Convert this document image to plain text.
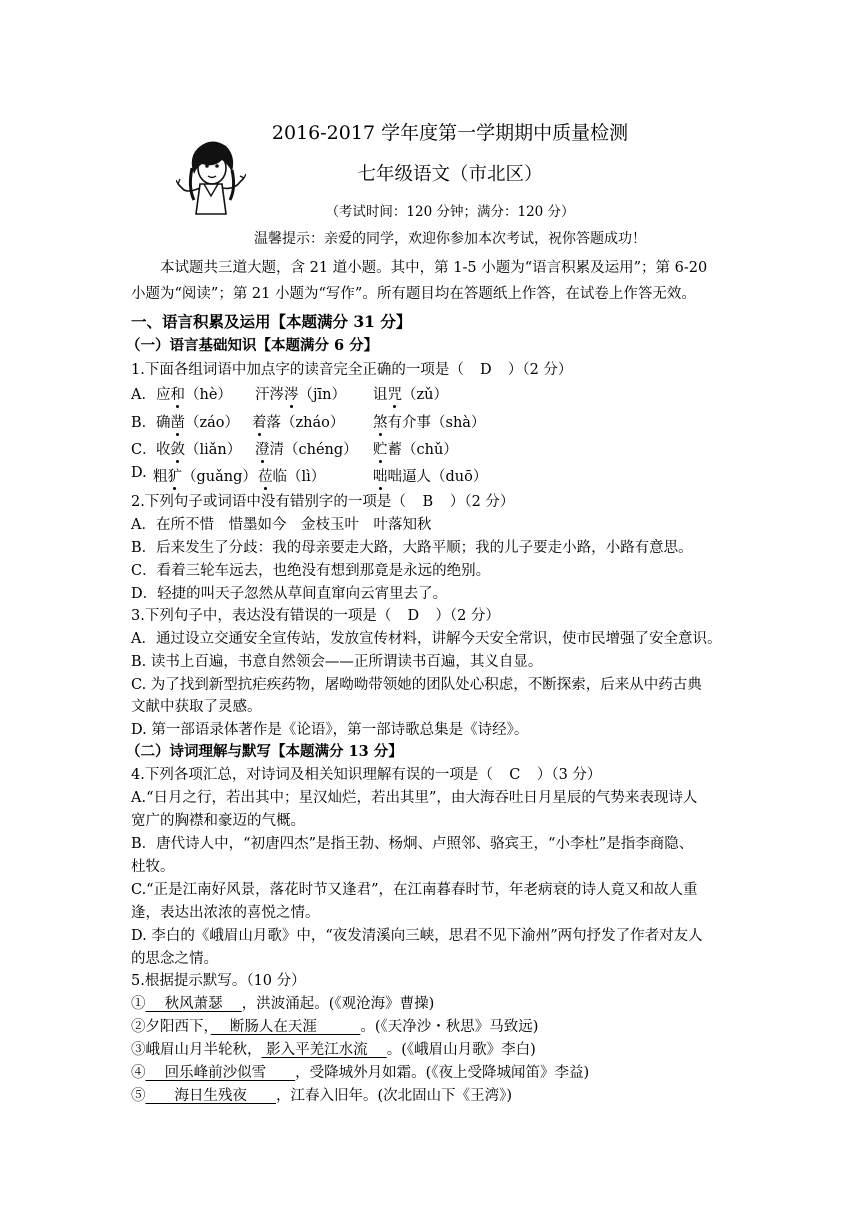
2016-2017 学年度第一学期期中质量检测
七年级语文（市北区）
（考试时间：120 分钟；满分：120 分）
温馨提示：亲爱的同学，欢迎你参加本次考试，祝你答题成功！
本试题共三道大题，含 21 道小题。其中，第 1-5 小题为“语言积累及运用”；第 6-20
小题为“阅读”；第 21 小题为“写作”。所有题目均在答题纸上作答，在试卷上作答无效。
一、语言积累及运用【本题满分 31 分】
（一）语言基础知识【本题满分 6 分】
1.下面各组词语中加点字的读音完全正确的一项是（ D ）（2 分）
A． 应和（hè） 汗涔涔（jīn） 诅咒（zǔ）
B． 确凿（záo） 着落（zháo） 煞有介事（shà）
C． 收敛（liǎn） 澄清（chéng） 贮蓄（chǔ）
D. 粗犷（guǎng） 莅临（lì）	咄咄逼人（duō）
2.下列句子或词语中没有错别字的一项是（ B ）（2 分）
A．在所不惜　惜墨如今　金枝玉叶　叶落知秋
B．后来发生了分歧：我的母亲要走大路，大路平顺；我的儿子要走小路，小路有意思。
C．看着三轮车远去，也绝没有想到那竟是永远的绝别。
D．轻捷的叫天子忽然从草间直窜向云宵里去了。
3.下列句子中，表达没有错误的一项是（ D ）（2 分）
A．通过设立交通安全宣传站，发放宣传材料，讲解今天安全常识，使市民增强了安全意识。
B. 读书上百遍，书意自然领会——正所谓读书百遍，其义自显。
C. 为了找到新型抗疟疾药物，屠呦呦带领她的团队处心积虑，不断探索，后来从中药古典
文献中获取了灵感。
D. 第一部语录体著作是《论语》，第一部诗歌总集是《诗经》。
（二）诗词理解与默写【本题满分 13 分】
4.下列各项汇总，对诗词及相关知识理解有误的一项是（ C ）（3 分）
A.“日月之行，若出其中；星汉灿烂，若出其里”，由大海吞吐日月星辰的气势来表现诗人
宽广的胸襟和豪迈的气概。
B．唐代诗人中，“初唐四杰”是指王勃、杨炯、卢照邻、骆宾王，“小李杜”是指李商隐、
杜牧。
C.“正是江南好风景，落花时节又逢君”，在江南暮春时节，年老病衰的诗人竟又和故人重
逢，表达出浓浓的喜悦之情。
D. 李白的《峨眉山月歌》中，“夜发清溪向三峡，思君不见下渝州”两句抒发了作者对友人
的思念之情。
5.根据提示默写。（10 分）
①　 秋风萧瑟　 ，洪波涌起。(《观沧海》曹操)
②夕阳西下，　 断肠人在天涯　　　。(《天净沙・秋思》马致远)
③峨眉山月半轮秋， 影入平羌江水流　 。(《峨眉山月歌》李白)
④　 回乐峰前沙似雪　　，受降城外月如霜。(《夜上受降城闻笛》李益)
⑤　　海日生残夜　　，江春入旧年。(次北固山下《王湾》)
